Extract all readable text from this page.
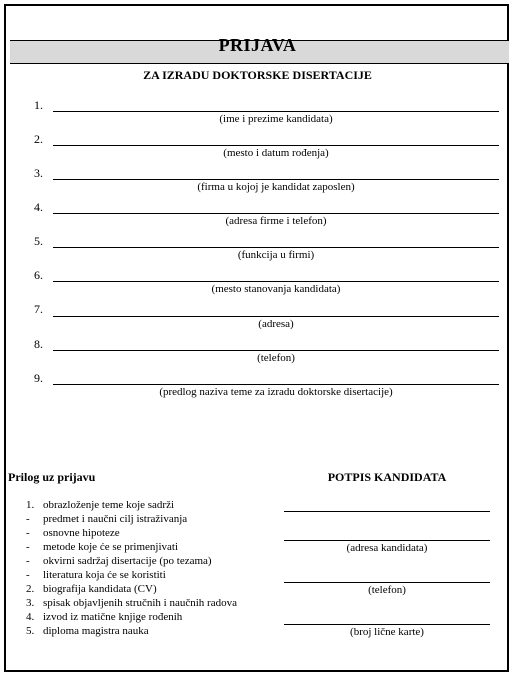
PRIJAVA
ZA IZRADU DOKTORSKE DISERTACIJE
1.
(ime i prezime kandidata)
2.
(mesto i datum rođenja)
3.
(firma u kojoj je kandidat zaposlen)
4.
(adresa firme i telefon)
5.
(funkcija u firmi)
6.
(mesto stanovanja kandidata)
7.
(adresa)
8.
(telefon)
9.
(predlog naziva teme za izradu doktorske disertacije)
Prilog uz prijavu	POTPIS KANDIDATA
1. obrazloženje teme koje sadrži
- predmet i naučni cilj istraživanja
- osnovne hipoteze
- metode koje će se primenjivati
- okvirni sadržaj disertacije (po tezama)
- literatura koja će se koristiti
2. biografija kandidata (CV)
3. spisak objavljenih stručnih i naučnih radova
4. izvod iz matične knjige rođenih
5. diploma magistra nauka
(adresa kandidata)
(telefon)
(broj lične karte)
